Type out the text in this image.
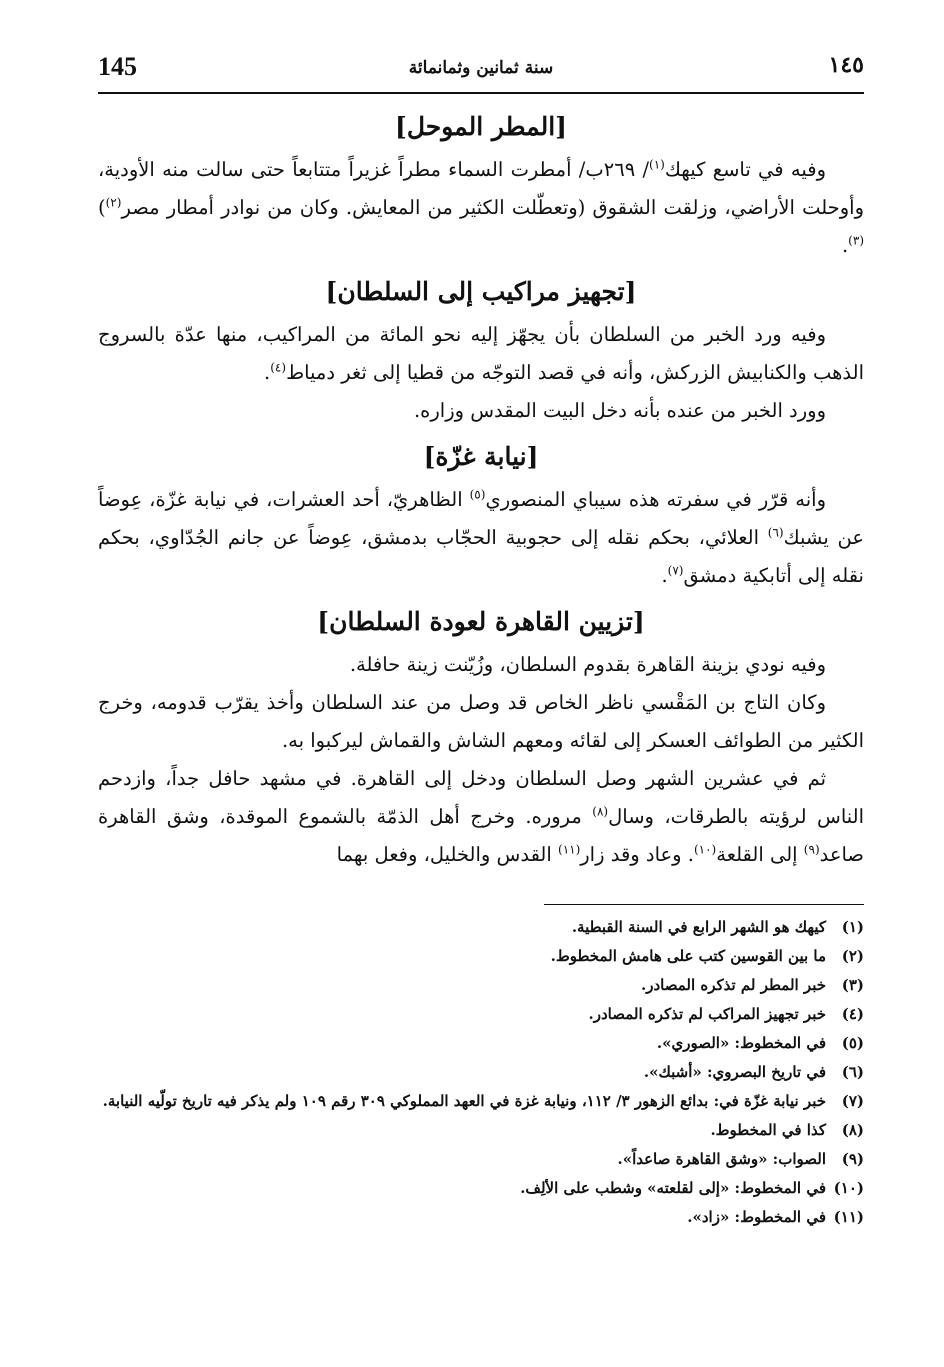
145	سنة ثمانين وثمانمائة	١٤٥
[المطر الموحل]

وفيه في تاسع كيهك$^{(١)}$/ ٢٦٩ب/ أمطرت السماء مطراً غزيراً متتابعاً حتى سالت منه الأودية، وأوحلت الأراضي، وزلقت الشقوق (وتعطّلت الكثير من المعايش. وكان من نوادر أمطار مصر$^{(٢)}$)$^{(٣)}$.

[تجهيز مراكيب إلى السلطان]

وفيه ورد الخبر من السلطان بأن يجهّز إليه نحو المائة من المراكيب، منها عدّة بالسروج الذهب والكنابيش الزركش، وأنه في قصد التوجّه من قطيا إلى ثغر دمياط$^{(٤)}$.

وورد الخبر من عنده بأنه دخل البيت المقدس وزاره.

[نيابة غزّة]

وأنه قرّر في سفرته هذه سيباي المنصوري$^{(٥)}$ الظاهريّ، أحد العشرات، في نيابة غزّة، عِوضاً عن يشبك$^{(٦)}$ العلائي، بحكم نقله إلى حجوبية الحجّاب بدمشق، عِوضاً عن جانم الجُدّاوي، بحكم نقله إلى أتابكية دمشق$^{(٧)}$.

[تزيين القاهرة لعودة السلطان]

وفيه نودي بزينة القاهرة بقدوم السلطان، وزُيّنت زينة حافلة.

وكان التاج بن المَقْسي ناظر الخاص قد وصل من عند السلطان وأخذ يقرّب قدومه، وخرج الكثير من الطوائف العسكر إلى لقائه ومعهم الشاش والقماش ليركبوا به.

ثم في عشرين الشهر وصل السلطان ودخل إلى القاهرة. في مشهد حافل جداً، وازدحم الناس لرؤيته بالطرقات، وسال$^{(٨)}$ مروره. وخرج أهل الذمّة بالشموع الموقدة، وشق القاهرة صاعد$^{(٩)}$ إلى القلعة$^{(١٠)}$. وعاد وقد زار$^{(١١)}$ القدس والخليل، وفعل بهما

(١)
كيهك هو الشهر الرابع في السنة القبطية.
(٢)
ما بين القوسين كتب على هامش المخطوط.
(٣)
خبر المطر لم تذكره المصادر.
(٤)
خبر تجهيز المراكب لم تذكره المصادر.
(٥)
في المخطوط: «الصوري».
(٦)
في تاريخ البصروي: «أشبك».
(٧)
خبر نيابة غزّة في: بدائع الزهور ٣/ ١١٢، ونيابة غزة في العهد المملوكي ٣٠٩ رقم ١٠٩ ولم يذكر فيه تاريخ تولّيه النيابة.
(٨)
كذا في المخطوط.
(٩)
الصواب: «وشق القاهرة صاعداً».
(١٠)
في المخطوط: «إلى لقلعته» وشطب على الألِف.
(١١)
في المخطوط: «زاد».
